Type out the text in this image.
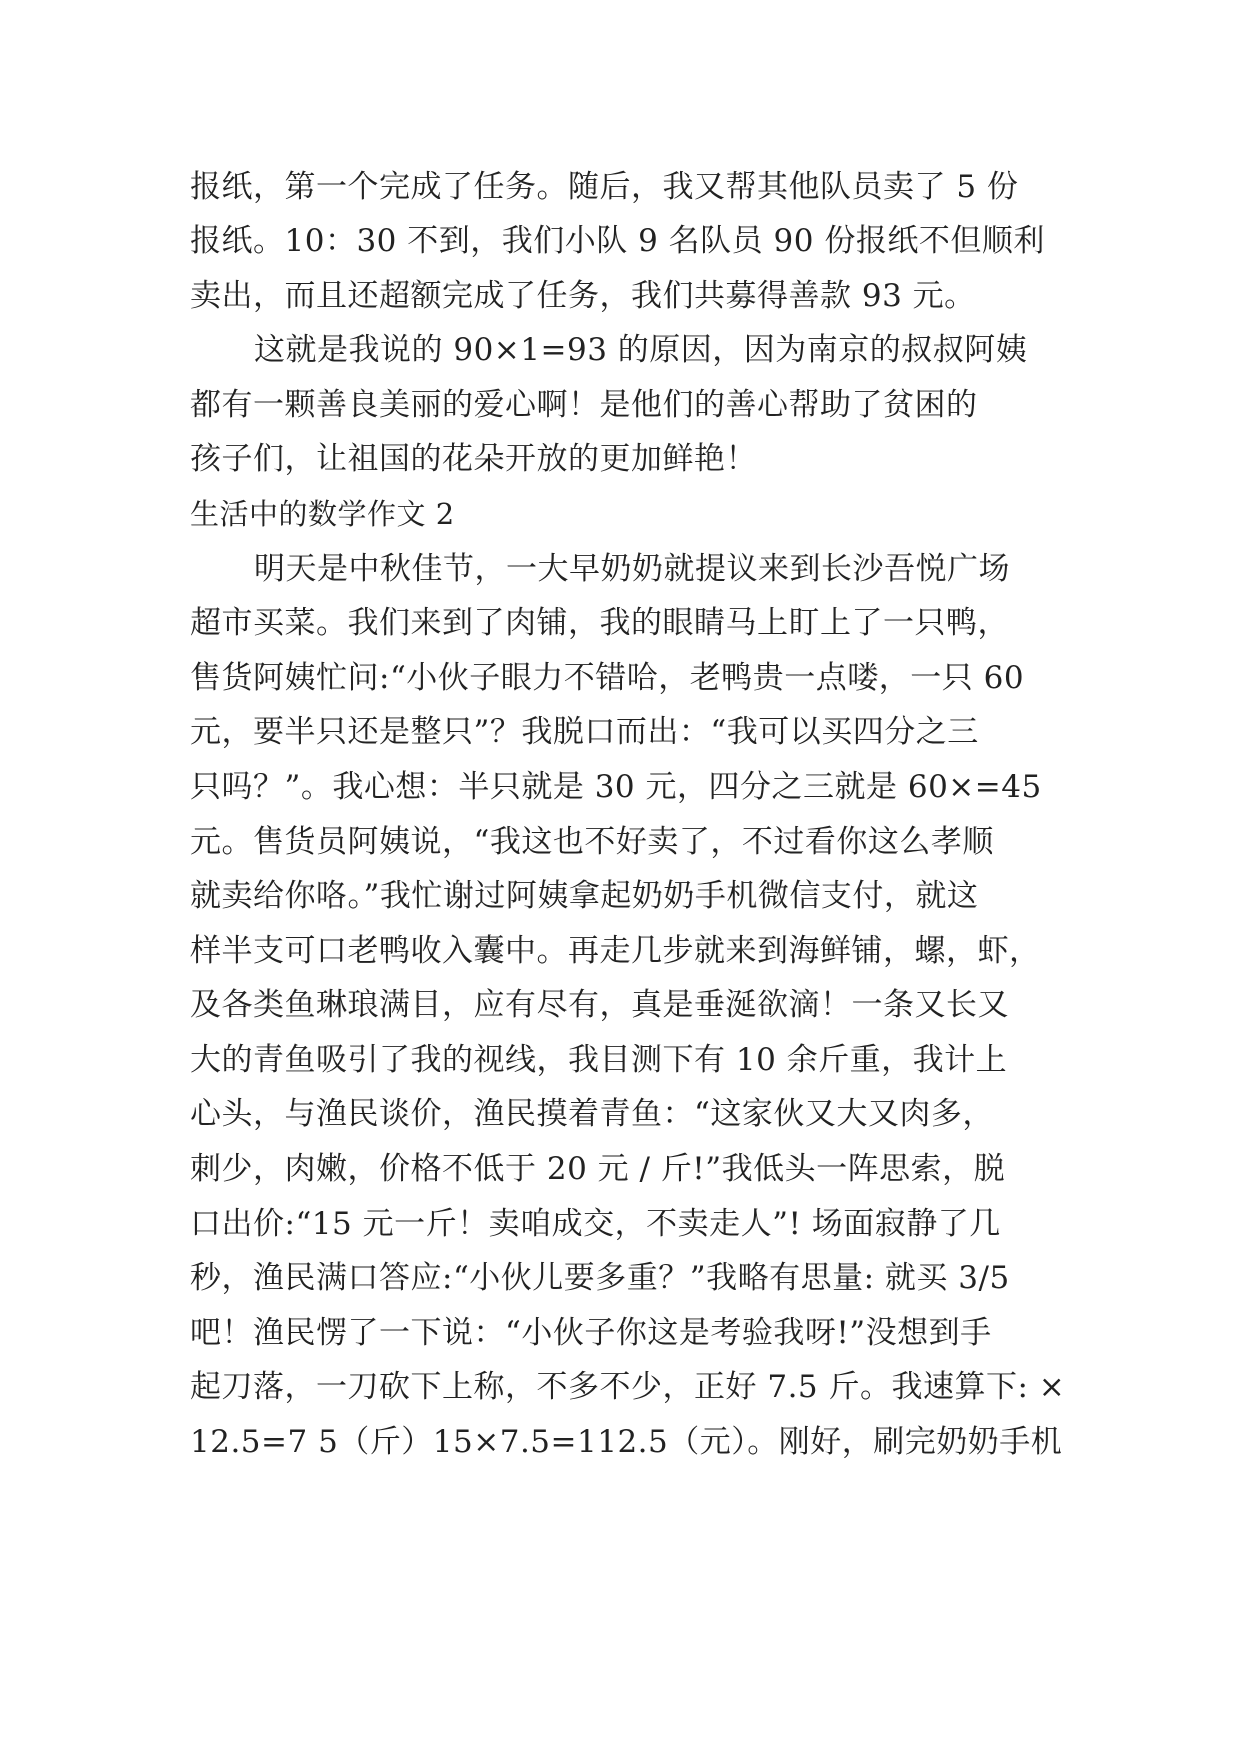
报纸，第一个完成了任务。随后，我又帮其他队员卖了 5 份
报纸。10：30 不到，我们小队 9 名队员 90 份报纸不但顺利
卖出，而且还超额完成了任务，我们共募得善款 93 元。
这就是我说的 90×1=93 的原因，因为南京的叔叔阿姨
都有一颗善良美丽的爱心啊！是他们的善心帮助了贫困的
孩子们，让祖国的花朵开放的更加鲜艳！
生活中的数学作文 2
明天是中秋佳节，一大早奶奶就提议来到长沙吾悦广场
超市买菜。我们来到了肉铺，我的眼睛马上盯上了一只鸭，
售货阿姨忙问:“小伙子眼力不错哈，老鸭贵一点喽，一只 60
元，要半只还是整只”？我脱口而出：“我可以买四分之三
只吗？”。我心想：半只就是 30 元，四分之三就是 60×=45
元。售货员阿姨说，“我这也不好卖了，不过看你这么孝顺
就卖给你咯。”我忙谢过阿姨拿起奶奶手机微信支付，就这
样半支可口老鸭收入囊中。再走几步就来到海鲜铺，螺，虾，
及各类鱼琳琅满目，应有尽有，真是垂涎欲滴！一条又长又
大的青鱼吸引了我的视线，我目测下有 10 余斤重，我计上
心头，与渔民谈价，渔民摸着青鱼：“这家伙又大又肉多，
刺少，肉嫩，价格不低于 20 元 / 斤!”我低头一阵思索，脱
口出价:“15 元一斤！卖咱成交，不卖走人”! 场面寂静了几
秒，渔民满口答应:“小伙儿要多重？”我略有思量: 就买 3/5
吧！渔民愣了一下说：“小伙子你这是考验我呀!”没想到手
起刀落，一刀砍下上称，不多不少，正好 7.5 斤。我速算下: ×
12.5=7 5（斤）15×7.5=112.5（元）。刚好，刷完奶奶手机
